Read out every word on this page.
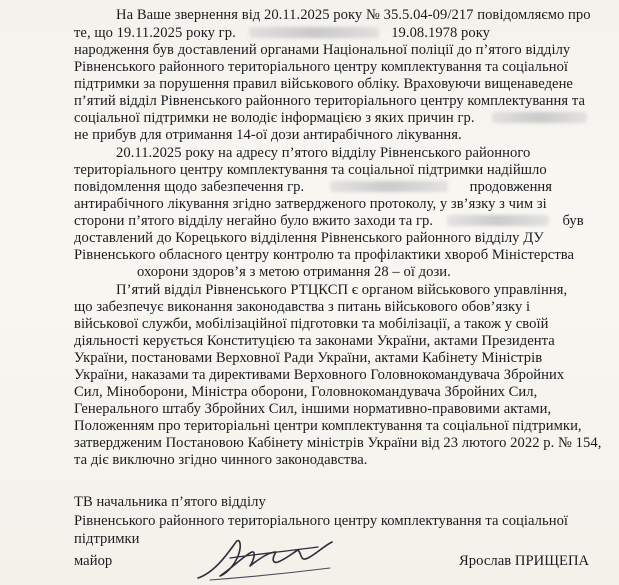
На Ваше звернення від 20.11.2025 року № 35.5.04-09/217 повідомляємо про
те, що 19.11.2025 року гр.	19.08.1978 року
народження був доставлений органами Національної поліції до п’ятого відділу
Рівненського районного територіального центру комплектування та соціальної
підтримки за порушення правил військового обліку. Враховуючи вищенаведене
п’ятий відділ Рівненського районного територіального центру комплектування та
соціальної підтримки не володіє інформацією з яких причин гр.
не прибув для отримання 14-ої дози антирабічного лікування.
20.11.2025 року на адресу п’ятого відділу Рівненського районного
територіального центру комплектування та соціальної підтримки надійшло
повідомлення щодо забезпечення гр.	продовження
антирабічного лікування згідно затвердженого протоколу, у зв’язку з чим зі
сторони п’ятого відділу негайно було вжито заходи та гр.	був
доставлений до Корецького відділення Рівненського районного відділу ДУ
Рівненського обласного центру контролю та профілактики хвороб Міністерства
охорони здоров’я з метою отримання 28 – ої дози.
П’ятий відділ Рівненського РТЦКСП є органом військового управління,
що забезпечує виконання законодавства з питань військового обов’язку і
військової служби, мобілізаційної підготовки та мобілізації, а також у своїй
діяльності керується Конституцією та законами України, актами Президента
України, постановами Верховної Ради України, актами Кабінету Міністрів
України, наказами та директивами Верховного Головнокомандувача Збройних
Сил, Міноборони, Міністра оборони, Головнокомандувача Збройних Сил,
Генерального штабу Збройних Сил, іншими нормативно-правовими актами,
Положенням про територіальні центри комплектування та соціальної підтримки,
затвердженим Постановою Кабінету міністрів України від 23 лютого 2022 р. № 154,
та діє виключно згідно чинного законодавства.
ТВ начальника п’ятого відділу
Рівненського районного територіального центру комплектування та соціальної
підтримки
майор	Ярослав ПРИЩЕПА
